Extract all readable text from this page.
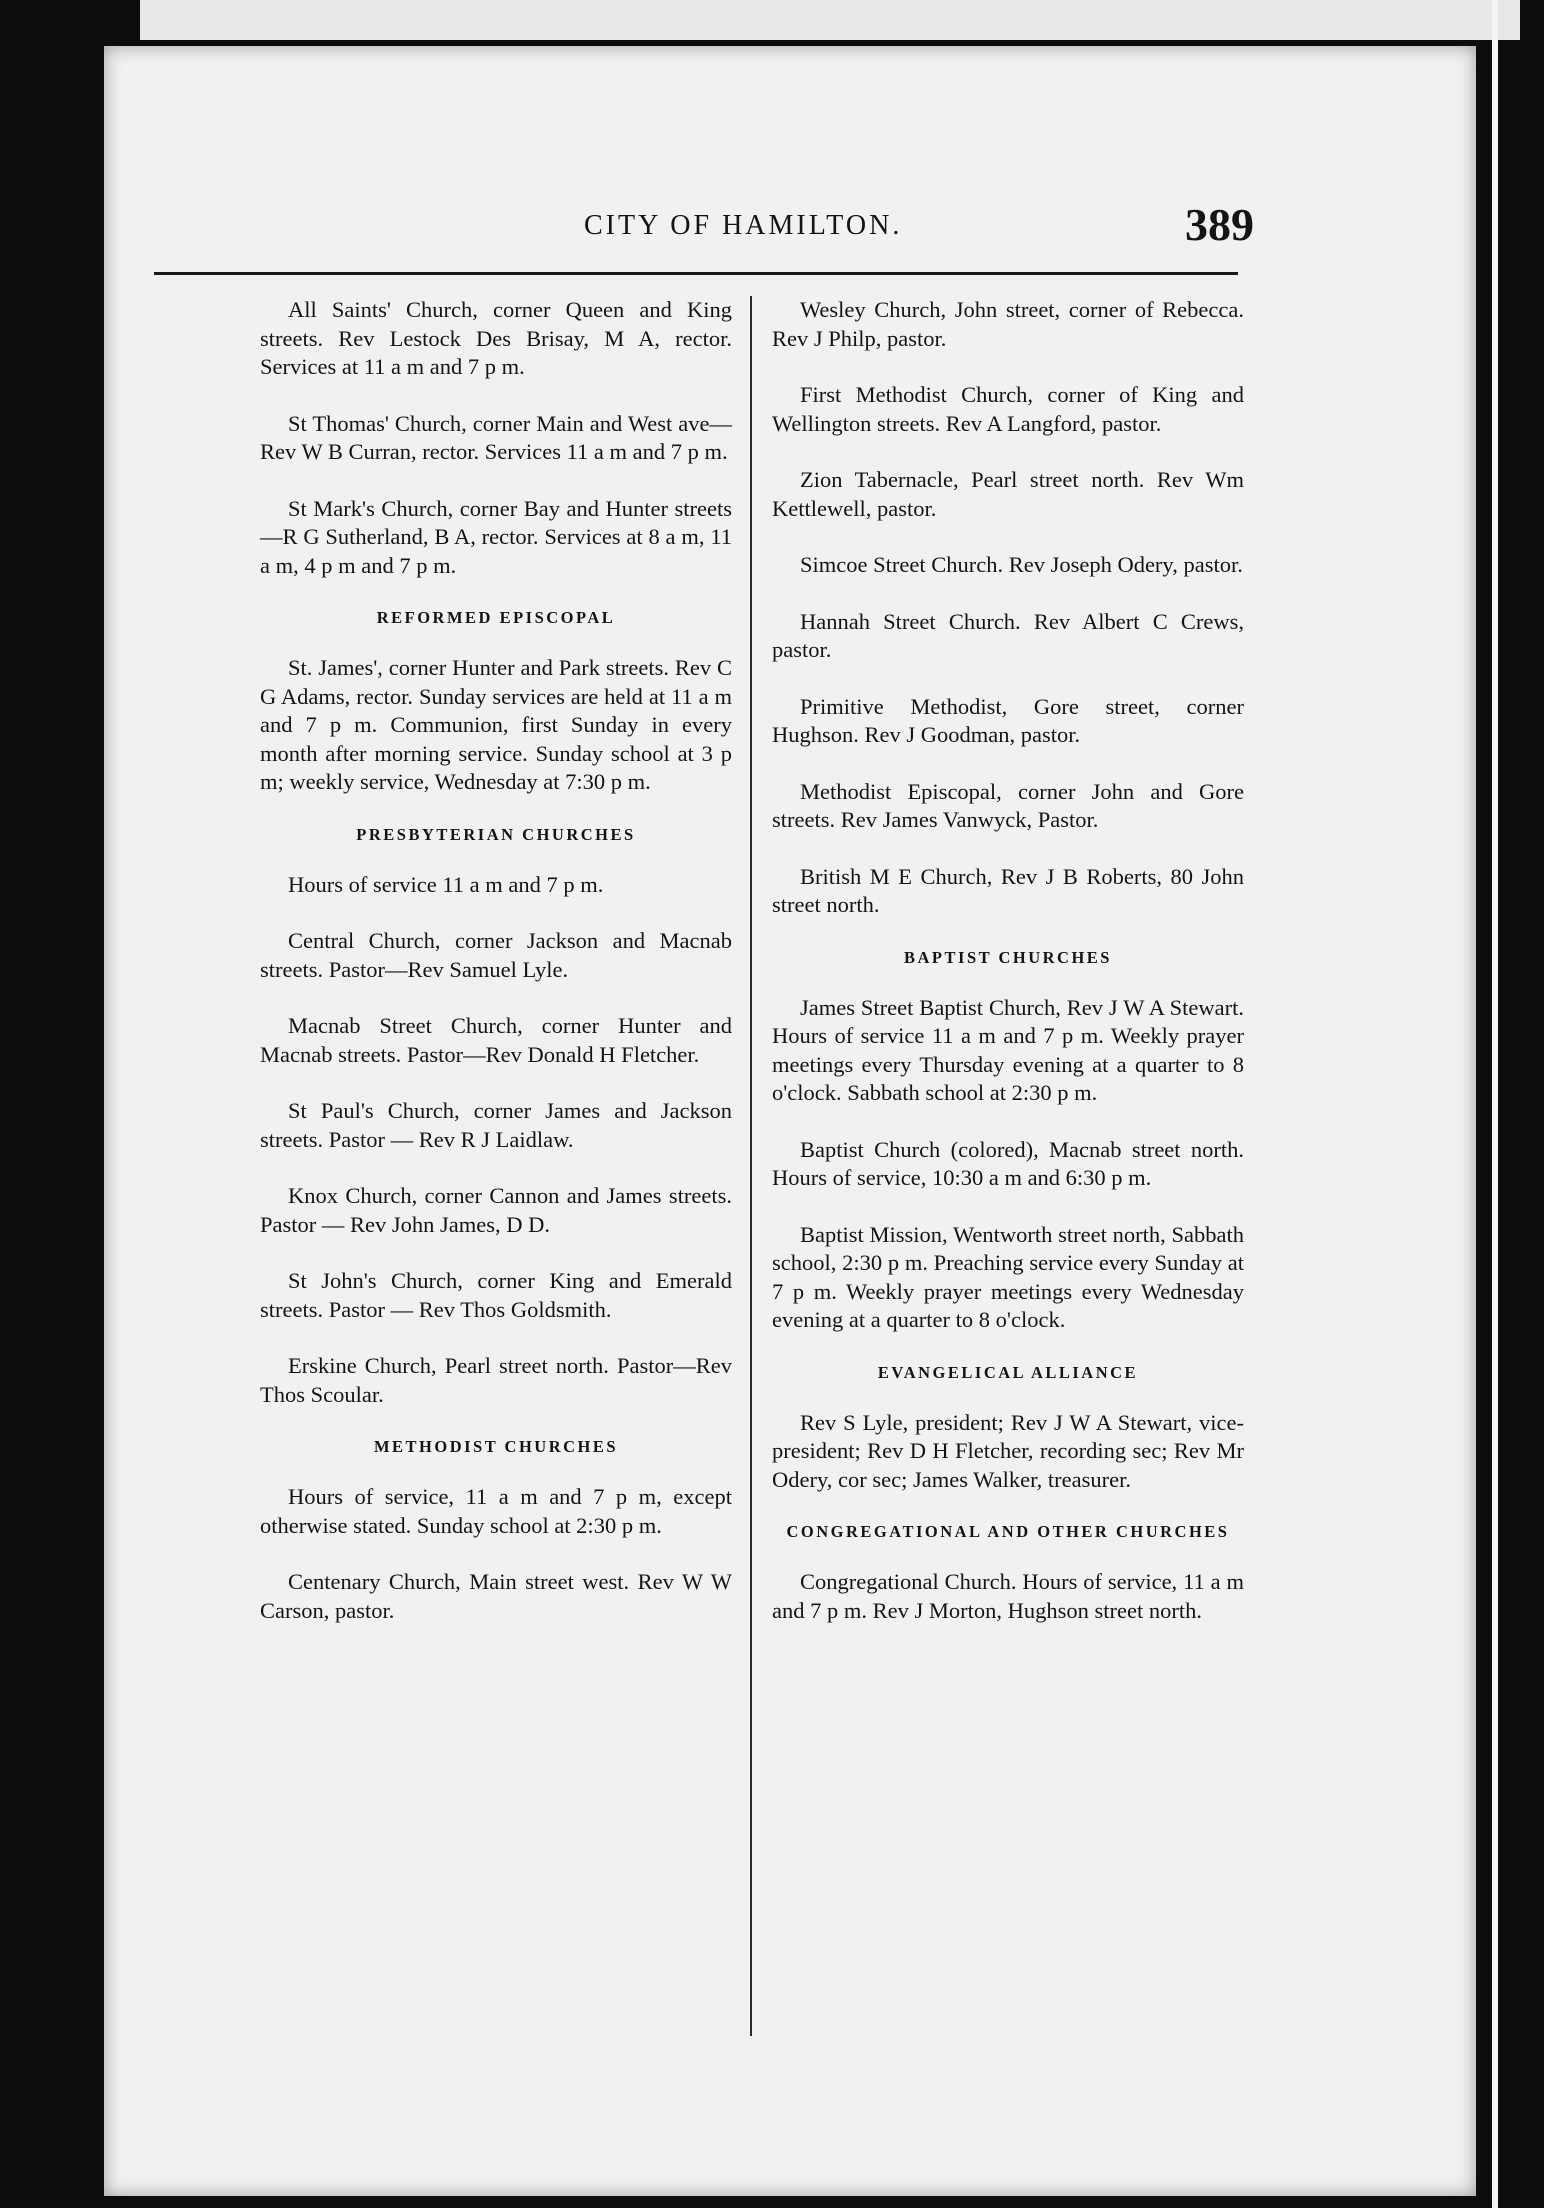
CITY OF HAMILTON.	389

All Saints' Church, corner Queen and King streets. Rev Lestock Des Brisay, M A, rector. Services at 11 a m and 7 p m.

St Thomas' Church, corner Main and West ave—Rev W B Curran, rector. Services 11 a m and 7 p m.

St Mark's Church, corner Bay and Hunter streets—R G Sutherland, B A, rector. Services at 8 a m, 11 a m, 4 p m and 7 p m.

REFORMED EPISCOPAL

St. James', corner Hunter and Park streets. Rev C G Adams, rector. Sunday services are held at 11 a m and 7 p m. Communion, first Sunday in every month after morning service. Sunday school at 3 p m; weekly service, Wednesday at 7:30 p m.

PRESBYTERIAN CHURCHES

Hours of service 11 a m and 7 p m.

Central Church, corner Jackson and Macnab streets. Pastor—Rev Samuel Lyle.

Macnab Street Church, corner Hunter and Macnab streets. Pastor—Rev Donald H Fletcher.

St Paul's Church, corner James and Jackson streets. Pastor — Rev R J Laidlaw.

Knox Church, corner Cannon and James streets. Pastor — Rev John James, D D.

St John's Church, corner King and Emerald streets. Pastor — Rev Thos Goldsmith.

Erskine Church, Pearl street north. Pastor—Rev Thos Scoular.

METHODIST CHURCHES

Hours of service, 11 a m and 7 p m, except otherwise stated. Sunday school at 2:30 p m.

Centenary Church, Main street west. Rev W W Carson, pastor.

Wesley Church, John street, corner of Rebecca. Rev J Philp, pastor.

First Methodist Church, corner of King and Wellington streets. Rev A Langford, pastor.

Zion Tabernacle, Pearl street north. Rev Wm Kettlewell, pastor.

Simcoe Street Church. Rev Joseph Odery, pastor.

Hannah Street Church. Rev Albert C Crews, pastor.

Primitive Methodist, Gore street, corner Hughson. Rev J Goodman, pastor.

Methodist Episcopal, corner John and Gore streets. Rev James Vanwyck, Pastor.

British M E Church, Rev J B Roberts, 80 John street north.

BAPTIST CHURCHES

James Street Baptist Church, Rev J W A Stewart. Hours of service 11 a m and 7 p m. Weekly prayer meetings every Thursday evening at a quarter to 8 o'clock. Sabbath school at 2:30 p m.

Baptist Church (colored), Macnab street north. Hours of service, 10:30 a m and 6:30 p m.

Baptist Mission, Wentworth street north, Sabbath school, 2:30 p m. Preaching service every Sunday at 7 p m. Weekly prayer meetings every Wednesday evening at a quarter to 8 o'clock.

EVANGELICAL ALLIANCE

Rev S Lyle, president; Rev J W A Stewart, vice-president; Rev D H Fletcher, recording sec; Rev Mr Odery, cor sec; James Walker, treasurer.

CONGREGATIONAL AND OTHER CHURCHES

Congregational Church. Hours of service, 11 a m and 7 p m. Rev J Morton, Hughson street north.
